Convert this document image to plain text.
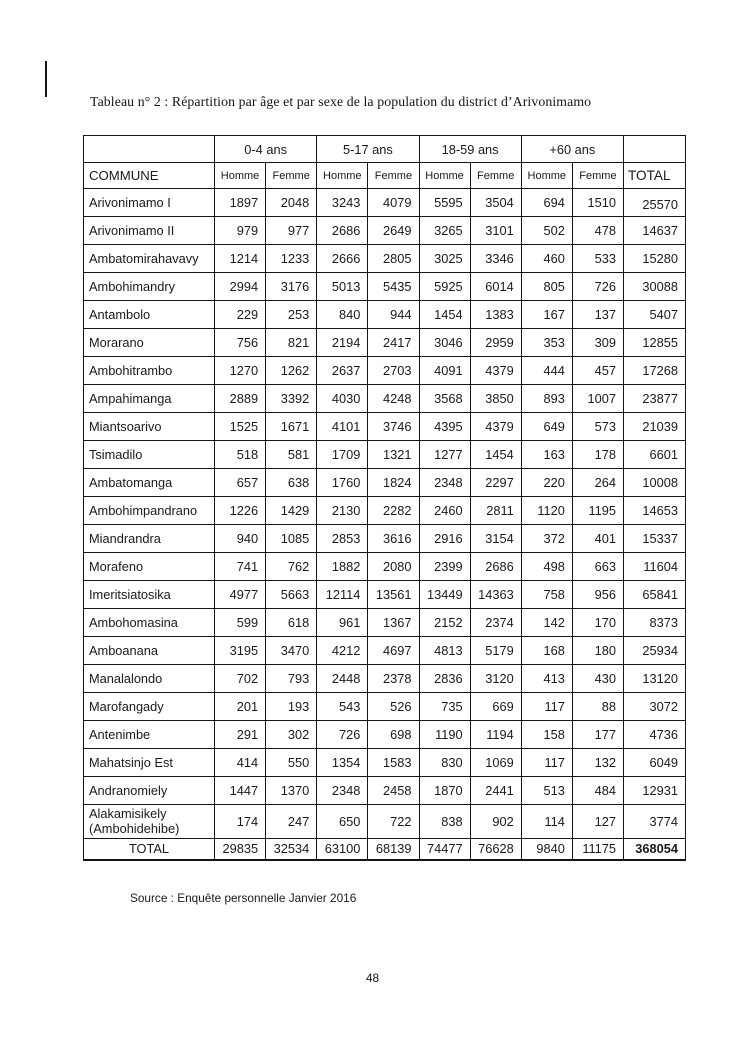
Tableau n° 2 : Répartition par âge et par sexe de la population du district d’Arivonimamo
	0-4 ans		5-17 ans		18-59 ans		+60 ans		
COMMUNE	Homme	Femme	Homme	Femme	Homme	Femme	Homme	Femme	TOTAL
Arivonimamo I	1897	2048	3243	4079	5595	3504	694	1510	25570
Arivonimamo II	979	977	2686	2649	3265	3101	502	478	14637
Ambatomirahavavy	1214	1233	2666	2805	3025	3346	460	533	15280
Ambohimandry	2994	3176	5013	5435	5925	6014	805	726	30088
Antambolo	229	253	840	944	1454	1383	167	137	5407
Morarano	756	821	2194	2417	3046	2959	353	309	12855
Ambohitrambo	1270	1262	2637	2703	4091	4379	444	457	17268
Ampahimanga	2889	3392	4030	4248	3568	3850	893	1007	23877
Miantsoarivo	1525	1671	4101	3746	4395	4379	649	573	21039
Tsimadilo	518	581	1709	1321	1277	1454	163	178	6601
Ambatomanga	657	638	1760	1824	2348	2297	220	264	10008
Ambohimpandrano	1226	1429	2130	2282	2460	2811	1120	1195	14653
Miandrandra	940	1085	2853	3616	2916	3154	372	401	15337
Morafeno	741	762	1882	2080	2399	2686	498	663	11604
Imeritsiatosika	4977	5663	12114	13561	13449	14363	758	956	65841
Ambohomasina	599	618	961	1367	2152	2374	142	170	8373
Amboanana	3195	3470	4212	4697	4813	5179	168	180	25934
Manalalondo	702	793	2448	2378	2836	3120	413	430	13120
Marofangady	201	193	543	526	735	669	117	88	3072
Antenimbe	291	302	726	698	1190	1194	158	177	4736
Mahatsinjo Est	414	550	1354	1583	830	1069	117	132	6049
Andranomiely	1447	1370	2348	2458	1870	2441	513	484	12931
Alakamisikely (Ambohidehibe)	174	247	650	722	838	902	114	127	3774
TOTAL	29835	32534	63100	68139	74477	76628	9840	11175	368054
Source : Enquête personnelle Janvier 2016
48
